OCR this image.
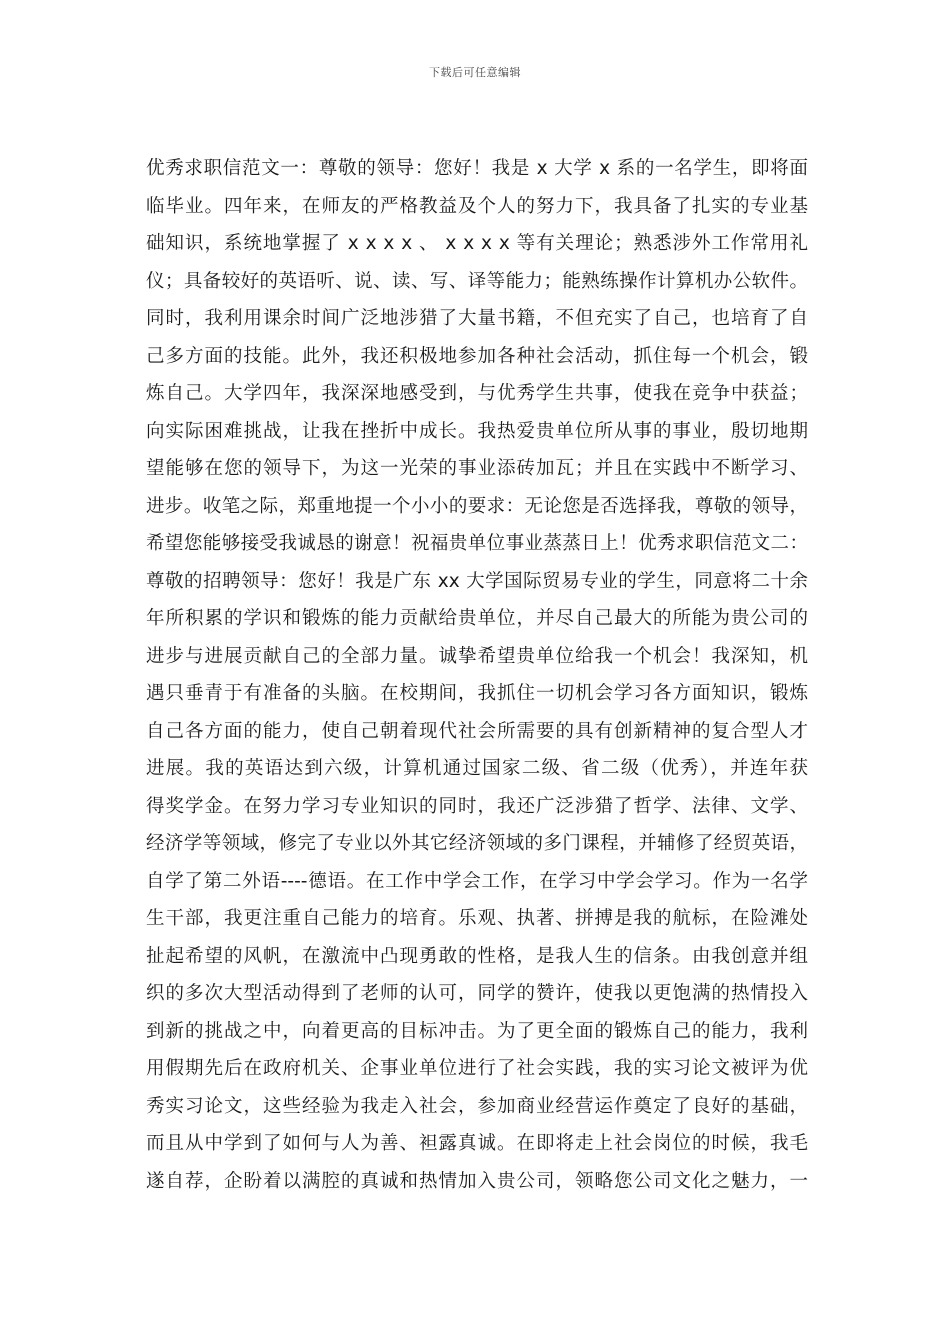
下载后可任意编辑
优秀求职信范文一：尊敬的领导：您好！我是 x 大学 x 系的一名学生，即将面
临毕业。四年来，在师友的严格教益及个人的努力下，我具备了扎实的专业基
础知识，系统地掌握了 x x x x 、 x x x x 等有关理论；熟悉涉外工作常用礼
仪；具备较好的英语听、说、读、写、译等能力；能熟练操作计算机办公软件。
同时，我利用课余时间广泛地涉猎了大量书籍，不但充实了自己，也培育了自
己多方面的技能。此外，我还积极地参加各种社会活动，抓住每一个机会，锻
炼自己。大学四年，我深深地感受到，与优秀学生共事，使我在竞争中获益；
向实际困难挑战，让我在挫折中成长。我热爱贵单位所从事的事业，殷切地期
望能够在您的领导下，为这一光荣的事业添砖加瓦；并且在实践中不断学习、
进步。收笔之际，郑重地提一个小小的要求：无论您是否选择我，尊敬的领导，
希望您能够接受我诚恳的谢意！祝福贵单位事业蒸蒸日上！优秀求职信范文二：
尊敬的招聘领导：您好！我是广东 xx 大学国际贸易专业的学生，同意将二十余
年所积累的学识和锻炼的能力贡献给贵单位，并尽自己最大的所能为贵公司的
进步与进展贡献自己的全部力量。诚挚希望贵单位给我一个机会！我深知，机
遇只垂青于有准备的头脑。在校期间，我抓住一切机会学习各方面知识，锻炼
自己各方面的能力，使自己朝着现代社会所需要的具有创新精神的复合型人才
进展。我的英语达到六级，计算机通过国家二级、省二级（优秀），并连年获
得奖学金。在努力学习专业知识的同时，我还广泛涉猎了哲学、法律、文学、
经济学等领域，修完了专业以外其它经济领域的多门课程，并辅修了经贸英语，
自学了第二外语----德语。在工作中学会工作，在学习中学会学习。作为一名学
生干部，我更注重自己能力的培育。乐观、执著、拼搏是我的航标，在险滩处
扯起希望的风帆，在激流中凸现勇敢的性格，是我人生的信条。由我创意并组
织的多次大型活动得到了老师的认可，同学的赞许，使我以更饱满的热情投入
到新的挑战之中，向着更高的目标冲击。为了更全面的锻炼自己的能力，我利
用假期先后在政府机关、企事业单位进行了社会实践，我的实习论文被评为优
秀实习论文，这些经验为我走入社会，参加商业经营运作奠定了良好的基础，
而且从中学到了如何与人为善、袒露真诚。在即将走上社会岗位的时候，我毛
遂自荐，企盼着以满腔的真诚和热情加入贵公司，领略您公司文化之魅力，一
